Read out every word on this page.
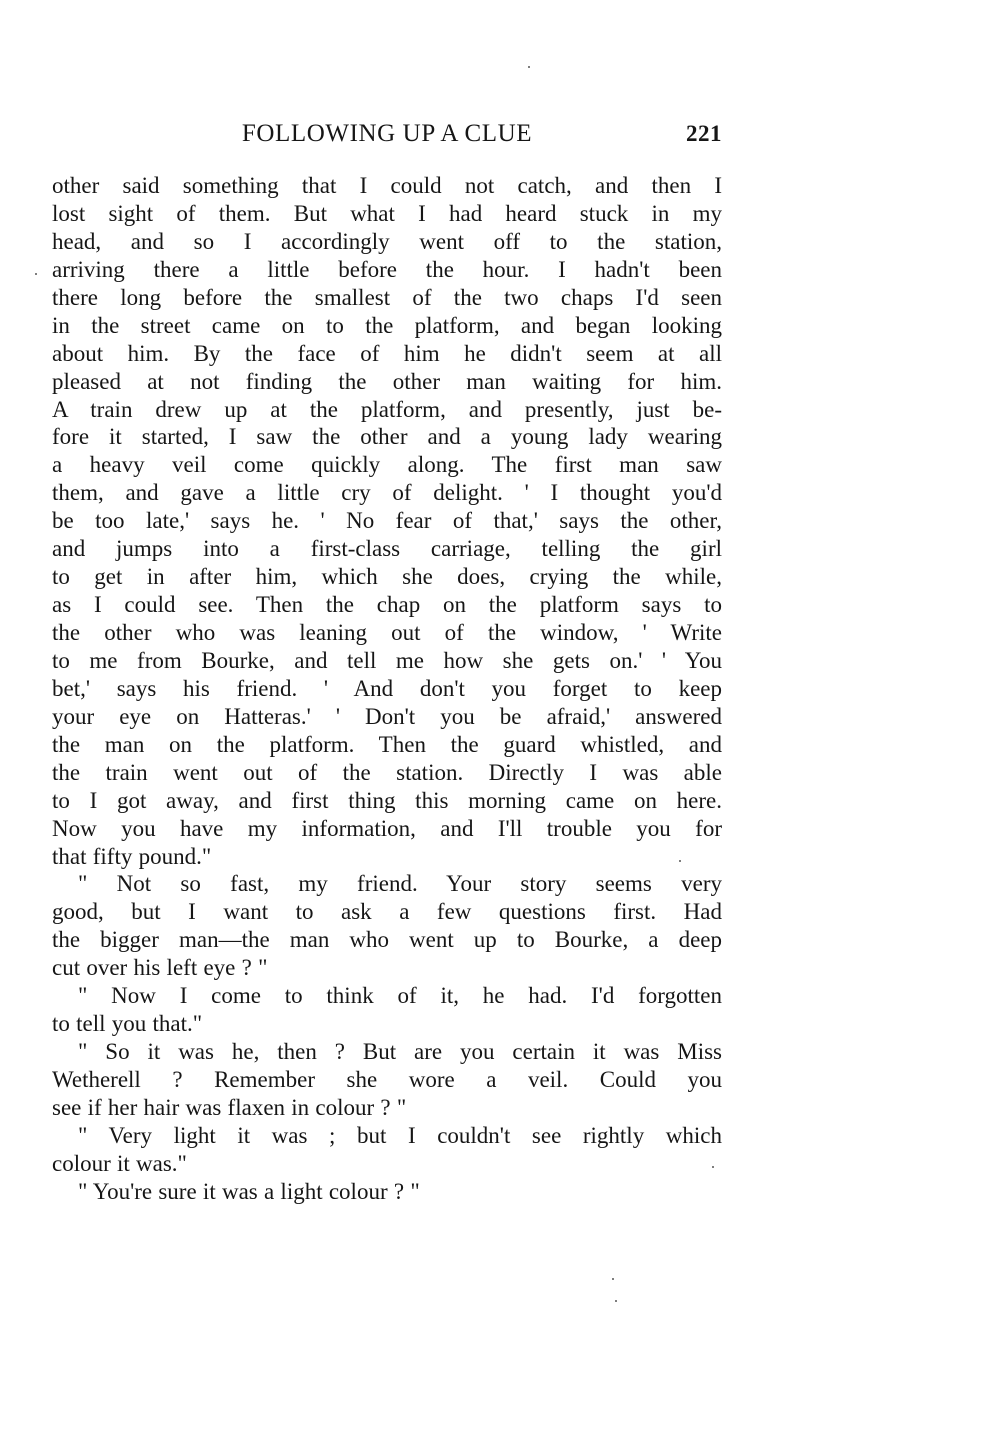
FOLLOWING UP A CLUE	221
other said something that I could not catch, and then I
lost sight of them. But what I had heard stuck in my
head, and so I accordingly went off to the station,
arriving there a little before the hour. I hadn't been
there long before the smallest of the two chaps I'd seen
in the street came on to the platform, and began looking
about him. By the face of him he didn't seem at all
pleased at not finding the other man waiting for him.
A train drew up at the platform, and presently, just be-
fore it started, I saw the other and a young lady wearing
a heavy veil come quickly along. The first man saw
them, and gave a little cry of delight. ' I thought you'd
be too late,' says he. ' No fear of that,' says the other,
and jumps into a first-class carriage, telling the girl
to get in after him, which she does, crying the while,
as I could see. Then the chap on the platform says to
the other who was leaning out of the window, ' Write
to me from Bourke, and tell me how she gets on.' ' You
bet,' says his friend. ' And don't you forget to keep
your eye on Hatteras.' ' Don't you be afraid,' answered
the man on the platform. Then the guard whistled, and
the train went out of the station. Directly I was able
to I got away, and first thing this morning came on here.
Now you have my information, and I'll trouble you for
that fifty pound."
" Not so fast, my friend. Your story seems very
good, but I want to ask a few questions first. Had
the bigger man—the man who went up to Bourke, a deep
cut over his left eye ? "
" Now I come to think of it, he had. I'd forgotten
to tell you that."
" So it was he, then ? But are you certain it was Miss
Wetherell ? Remember she wore a veil. Could you
see if her hair was flaxen in colour ? "
" Very light it was ; but I couldn't see rightly which
colour it was."
" You're sure it was a light colour ? "
